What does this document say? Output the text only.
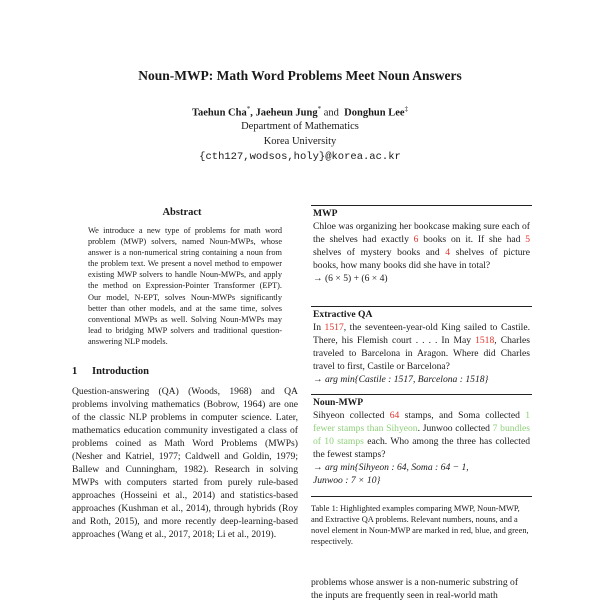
Noun-MWP: Math Word Problems Meet Noun Answers
Taehun Cha*, Jaeheun Jung* and Donghun Lee‡
Department of Mathematics
Korea University
{cth127,wodsos,holy}@korea.ac.kr
Abstract
We introduce a new type of problems for math word problem (MWP) solvers, named Noun-MWPs, whose answer is a non-numerical string containing a noun from the problem text. We present a novel method to empower existing MWP solvers to handle Noun-MWPs, and apply the method on Expression-Pointer Transformer (EPT). Our model, N-EPT, solves Noun-MWPs significantly better than other models, and at the same time, solves conventional MWPs as well. Solving Noun-MWPs may lead to bridging MWP solvers and traditional question-answering NLP models.
1 Introduction
Question-answering (QA) (Woods, 1968) and QA problems involving mathematics (Bobrow, 1964) are one of the classic NLP problems in computer science. Later, mathematics education community investigated a class of problems coined as Math Word Problems (MWPs) (Nesher and Katriel, 1977; Caldwell and Goldin, 1979; Ballew and Cunningham, 1982). Research in solving MWPs with computers started from purely rule-based approaches (Hosseini et al., 2014) and statistics-based approaches (Kushman et al., 2014), through hybrids (Roy and Roth, 2015), and more recently deep-learning-based approaches (Wang et al., 2017, 2018; Li et al., 2019).
MWP
Chloe was organizing her bookcase making sure each of the shelves had exactly 6 books on it. If she had 5 shelves of mystery books and 4 shelves of picture books, how many books did she have in total?
→ (6 × 5) + (6 × 4)
Extractive QA
In 1517, the seventeen-year-old King sailed to Castile. There, his Flemish court . . . . In May 1518, Charles traveled to Barcelona in Aragon. Where did Charles travel to first, Castile or Barcelona?
→ arg min{Castile : 1517, Barcelona : 1518}
Noun-MWP
Sihyeon collected 64 stamps, and Soma collected 1 fewer stamps than Sihyeon. Junwoo collected 7 bundles of 10 stamps each. Who among the three has collected the fewest stamps?
→ arg min{Sihyeon : 64, Soma : 64 − 1,
Junwoo : 7 × 10}
Table 1: Highlighted examples comparing MWP, Noun-MWP, and Extractive QA problems. Relevant numbers, nouns, and a novel element in Noun-MWP are marked in red, blue, and green, respectively.
problems whose answer is a non-numeric substring of the inputs are frequently seen in real-world math
